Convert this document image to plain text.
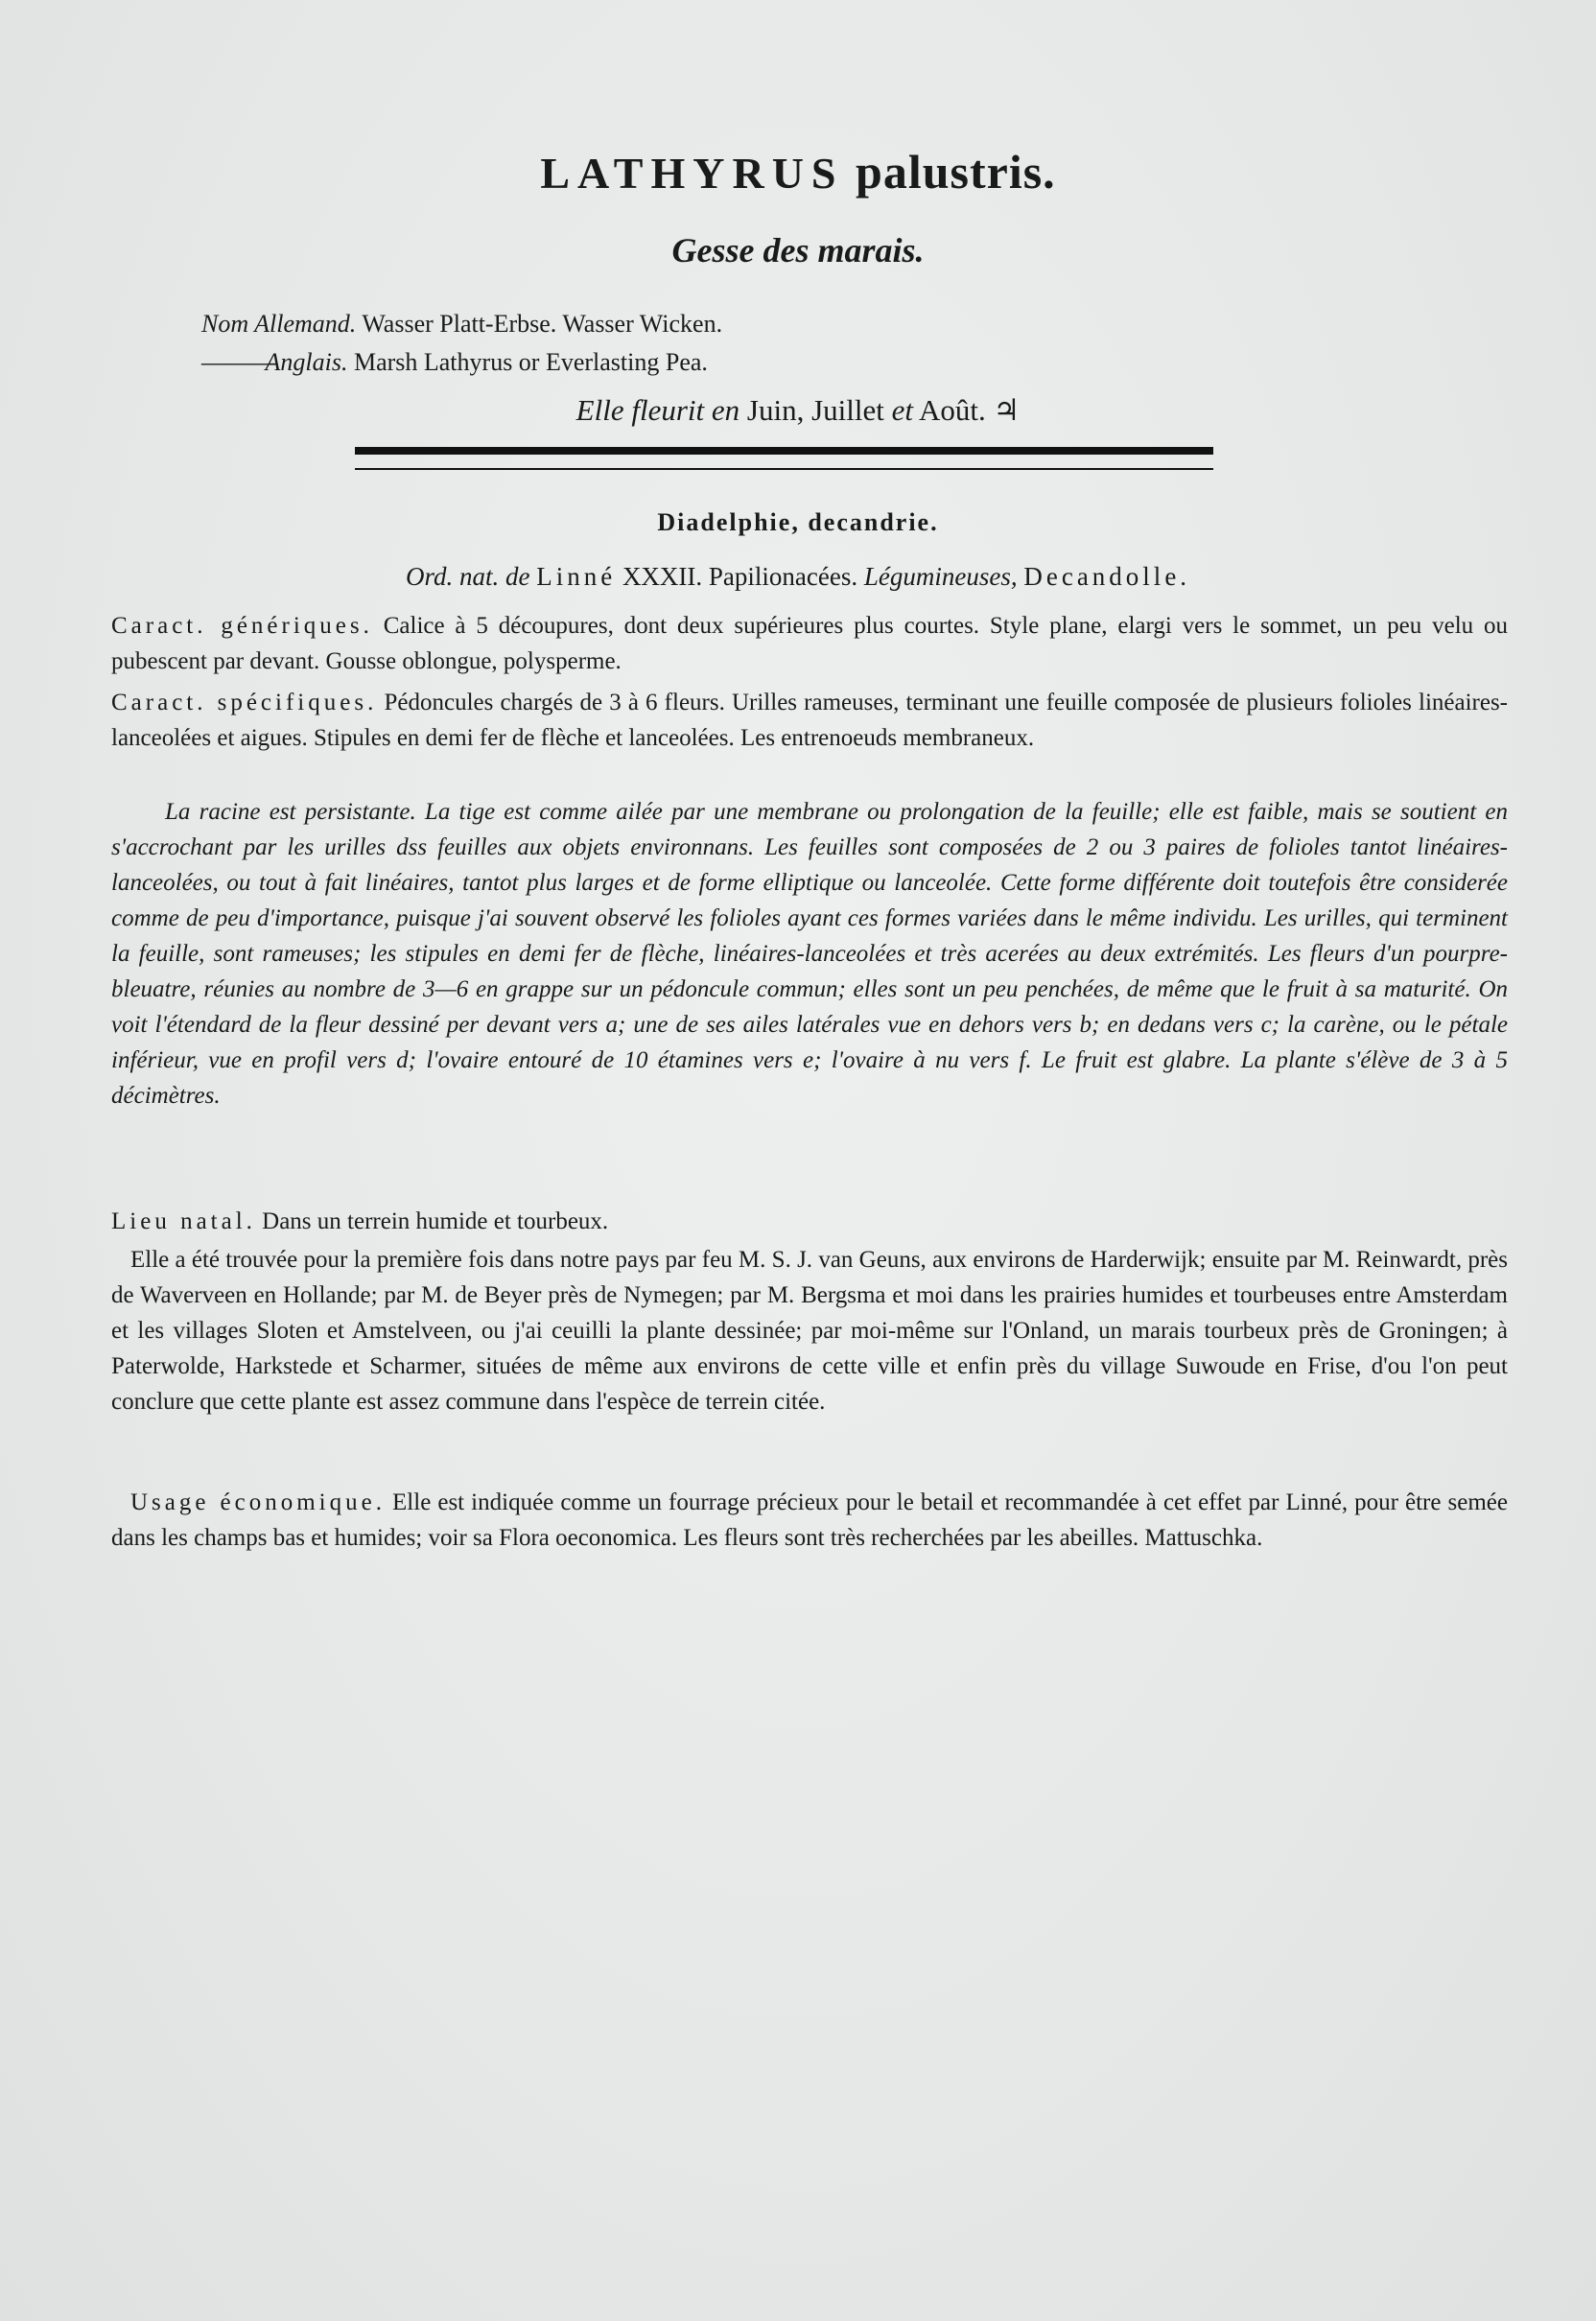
LATHYRUS palustris.
Gesse des marais.
Nom Allemand. Wasser Platt-Erbse. Wasser Wicken.
——— Anglais. Marsh Lathyrus or Everlasting Pea.
Elle fleurit en Juin, Juillet et Août. ♃
Diadelphie, decandrie.
Ord. nat. de Linné XXXII. Papilionacées. Légumineuses, Decandolle.
Caract. génériques. Calice à 5 découpures, dont deux supérieures plus courtes. Style plane, elargi vers le sommet, un peu velu ou pubescent par devant. Gousse oblongue, polysperme.
Caract. spécifiques. Pédoncules chargés de 3 à 6 fleurs. Urilles rameuses, terminant une feuille composée de plusieurs folioles linéaires-lanceolées et aigues. Stipules en demi fer de flèche et lanceolées. Les entrenoeuds membraneux.
La racine est persistante. La tige est comme ailée par une membrane ou prolongation de la feuille; elle est faible, mais se soutient en s'accrochant par les urilles dss feuilles aux objets environnans. Les feuilles sont composées de 2 ou 3 paires de folioles tantot linéaires-lanceolées, ou tout à fait linéaires, tantot plus larges et de forme elliptique ou lanceolée. Cette forme différente doit toutefois être considerée comme de peu d'importance, puisque j'ai souvent observé les folioles ayant ces formes variées dans le même individu. Les urilles, qui terminent la feuille, sont rameuses; les stipules en demi fer de flèche, linéaires-lanceolées et très acerées au deux extrémités. Les fleurs d'un pourpre-bleuatre, réunies au nombre de 3—6 en grappe sur un pédoncule commun; elles sont un peu penchées, de même que le fruit à sa maturité. On voit l'étendard de la fleur dessiné per devant vers a; une de ses ailes latérales vue en dehors vers b; en dedans vers c; la carène, ou le pétale inférieur, vue en profil vers d; l'ovaire entouré de 10 étamines vers e; l'ovaire à nu vers f. Le fruit est glabre. La plante s'élève de 3 à 5 décimètres.
Lieu natal. Dans un terrein humide et tourbeux.
Elle a été trouvée pour la première fois dans notre pays par feu M. S. J. van Geuns, aux environs de Harderwijk; ensuite par M. Reinwardt, près de Waverveen en Hollande; par M. de Beyer près de Nymegen; par M. Bergsma et moi dans les prairies humides et tourbeuses entre Amsterdam et les villages Sloten et Amstelveen, ou j'ai ceuilli la plante dessinée; par moi-même sur l'Onland, un marais tourbeux près de Groningen; à Paterwolde, Harkstede et Scharmer, situées de même aux environs de cette ville et enfin près du village Suwoude en Frise, d'ou l'on peut conclure que cette plante est assez commune dans l'espèce de terrein citée.
Usage économique. Elle est indiquée comme un fourrage précieux pour le betail et recommandée à cet effet par Linné, pour être semée dans les champs bas et humides; voir sa Flora oeconomica. Les fleurs sont très recherchées par les abeilles. Mattuschka.
